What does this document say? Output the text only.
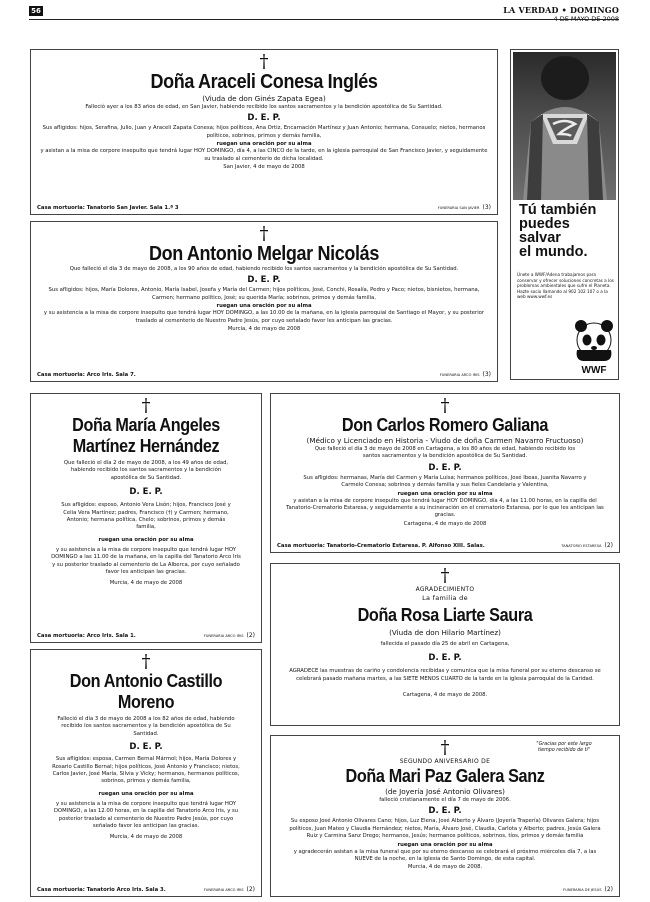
56	LA VERDAD • DOMINGO
4 DE MAYO DE 2008
†
Doña Araceli Conesa Inglés
(Viuda de don Ginés Zapata Egea)
Falleció ayer a los 83 años de edad, en San Javier, habiendo recibido los santos sacramentos y la bendición apostólica de Su Santidad.
D. E. P.
Sus afligidos: hijos, Serafina, Julio, Juan y Araceli Zapata Conesa; hijos políticos, Ana Ortiz, Encarnación Martínez y Juan Antonio; hermana, Consuelo; nietos, hermanos políticos, sobrinos, primos y demás familia,
ruegan una oración por su alma
y asistan a la misa de corpore insepulto que tendrá lugar HOY DOMINGO, día 4, a las CINCO de la tarde, en la iglesia parroquial de San Francisco Javier, y seguidamente su traslado al cementerio de dicha localidad.
San Javier, 4 de mayo de 2008
Casa mortuoria: Tanatorio San Javier. Sala 1.ª 3	FUNERARIA SAN JAVIER (3)
†
Don Antonio Melgar Nicolás
Que falleció el día 3 de mayo de 2008, a los 90 años de edad, habiendo recibido los santos sacramentos y la bendición apostólica de Su Santidad.
D. E. P.
Sus afligidos: hijos, María Dolores, Antonio, María Isabel, Josefa y María del Carmen; hijos políticos, José, Conchi, Rosalía, Pedro y Paco; nietos, bisnietos, hermana, Carmen; hermano político, José; su querida María; sobrinos, primos y demás familia,
ruegan una oración por su alma
y su asistencia a la misa de corpore insepulto que tendrá lugar HOY DOMINGO, a las 10.00 de la mañana, en la iglesia parroquial de Santiago el Mayor, y su posterior traslado al cementerio de Nuestro Padre Jesús, por cuyo señalado favor les anticipan las gracias.
Murcia, 4 de mayo de 2008
Casa mortuoria: Arco Iris. Sala 7.	FUNERARIA ARCO IRIS (3)
Tú también
puedes
salvar
el mundo.
Únete a WWF/Adena trabajamos para conservar y ofrecer soluciones concretas a los problemas ambientales que sufre el Planeta. Hazte socio llamando al 902 102 107 o a la web www.wwf.es
WWF
†
Doña María Angeles
Martínez Hernández
Que falleció el día 2 de mayo de 2008, a los 49 años de edad, habiendo recibido los santos sacramentos y la bendición apostólica de Su Santidad.
D. E. P.
Sus afligidos: esposo, Antonio Vera Lisón; hijos, Francisco José y Celia Vera Martínez; padres, Francisco (†) y Carmen; hermano, Antonio; hermana política, Chelo; sobrinos, primos y demás familia,
ruegan una oración por su alma
y su asistencia a la misa de corpore insepulto que tendrá lugar HOY DOMINGO a las 11.00 de la mañana, en la capilla del Tanatorio Arco Iris y su posterior traslado al cementerio de La Alberca, por cuyo señalado favor les anticipan las gracias.
Murcia, 4 de mayo de 2008
Casa mortuoria: Arco Iris. Sala 1.	FUNERARIA ARCO IRIS (2)
†
Don Antonio Castillo
Moreno
Falleció el día 3 de mayo de 2008 a los 82 años de edad, habiendo recibido los santos sacramentos y la bendición apostólica de Su Santidad.
D. E. P.
Sus afligidos: esposa, Carmen Bernal Mármol; hijos, María Dolores y Rosario Castillo Bernal; hijos políticos, José Antonio y Francisco; nietos, Carlos Javier, José María, Silvia y Vicky; hermanos, hermanos políticos, sobrinos, primos y demás familia,
ruegan una oración por su alma
y su asistencia a la misa de corpore insepulto que tendrá lugar HOY DOMINGO, a las 12.00 horas, en la capilla del Tanatorio Arco Iris, y su posterior traslado al cementerio de Nuestro Padre Jesús, por cuyo señalado favor les anticipan las gracias.
Murcia, 4 de mayo de 2008
Casa mortuoria: Tanatorio Arco Iris. Sala 3.	FUNERARIA ARCO IRIS (2)
†
Don Carlos Romero Galiana
(Médico y Licenciado en Historia - Viudo de doña Carmen Navarro Fructuoso)
Que falleció el día 3 de mayo de 2008 en Cartagena, a los 80 años de edad, habiendo recibido los santos sacramentos y la bendición apostólica de Su Santidad.
D. E. P.
Sus afligidos: hermanas, María del Carmen y María Luisa; hermanos políticos, José Ibeas, Juanita Navarro y Carmelo Conesa; sobrinos y demás familia y sus fieles Candelaria y Valentina,
ruegan una oración por su alma
y asistan a la misa de corpore insepulto que tendrá lugar HOY DOMINGO, día 4, a las 11.00 horas, en la capilla del Tanatorio-Crematorio Estaresa, y seguidamente a su incineración en el crematorio Estaresa, por lo que les anticipan las gracias.
Cartagena, 4 de mayo de 2008
Casa mortuoria: Tanatorio-Crematorio Estaresa. P. Alfonso XIII. Salas.	TANATORIO ESTARESA (2)
†
AGRADECIMIENTO
La familia de
Doña Rosa Liarte Saura
(Viuda de don Hilario Martínez)
fallecida el pasado día 25 de abril en Cartagena,
D. E. P.
AGRADECE las muestras de cariño y condolencia recibidas y comunica que la misa funeral por su eterno descanso se celebrará pasado mañana martes, a las SIETE MENOS CUARTO de la tarde en la iglesia parroquial de la Caridad.
Cartagena, 4 de mayo de 2008.
"Gracias por este largo tiempo recibido de ti"
†
SEGUNDO ANIVERSARIO DE
Doña Mari Paz Galera Sanz
(de Joyería José Antonio Olivares)
falleció cristianamente el día 7 de mayo de 2006.
D. E. P.
Su esposo José Antonio Olivares Cano; hijos, Luz Elena, José Alberto y Álvaro (Joyería Trapería) Olivares Galera; hijos políticos, Juan Mateo y Claudia Hernández; nietos, María, Álvaro José, Claudia, Carlota y Alberto; padres, Jesús Galera Ruiz y Carmina Sanz Drego; hermanos, Jesús; hermanos políticos, sobrinos, tíos, primos y demás familia
ruegan una oración por su alma
y agradecerán asistan a la misa funeral que por su eterno descanso se celebrará el próximo miércoles día 7, a las NUEVE de la noche, en la iglesia de Santo Domingo, de esta capital.
Murcia, 4 de mayo de 2008.
FUNERARIA DE JESÚS (2)
